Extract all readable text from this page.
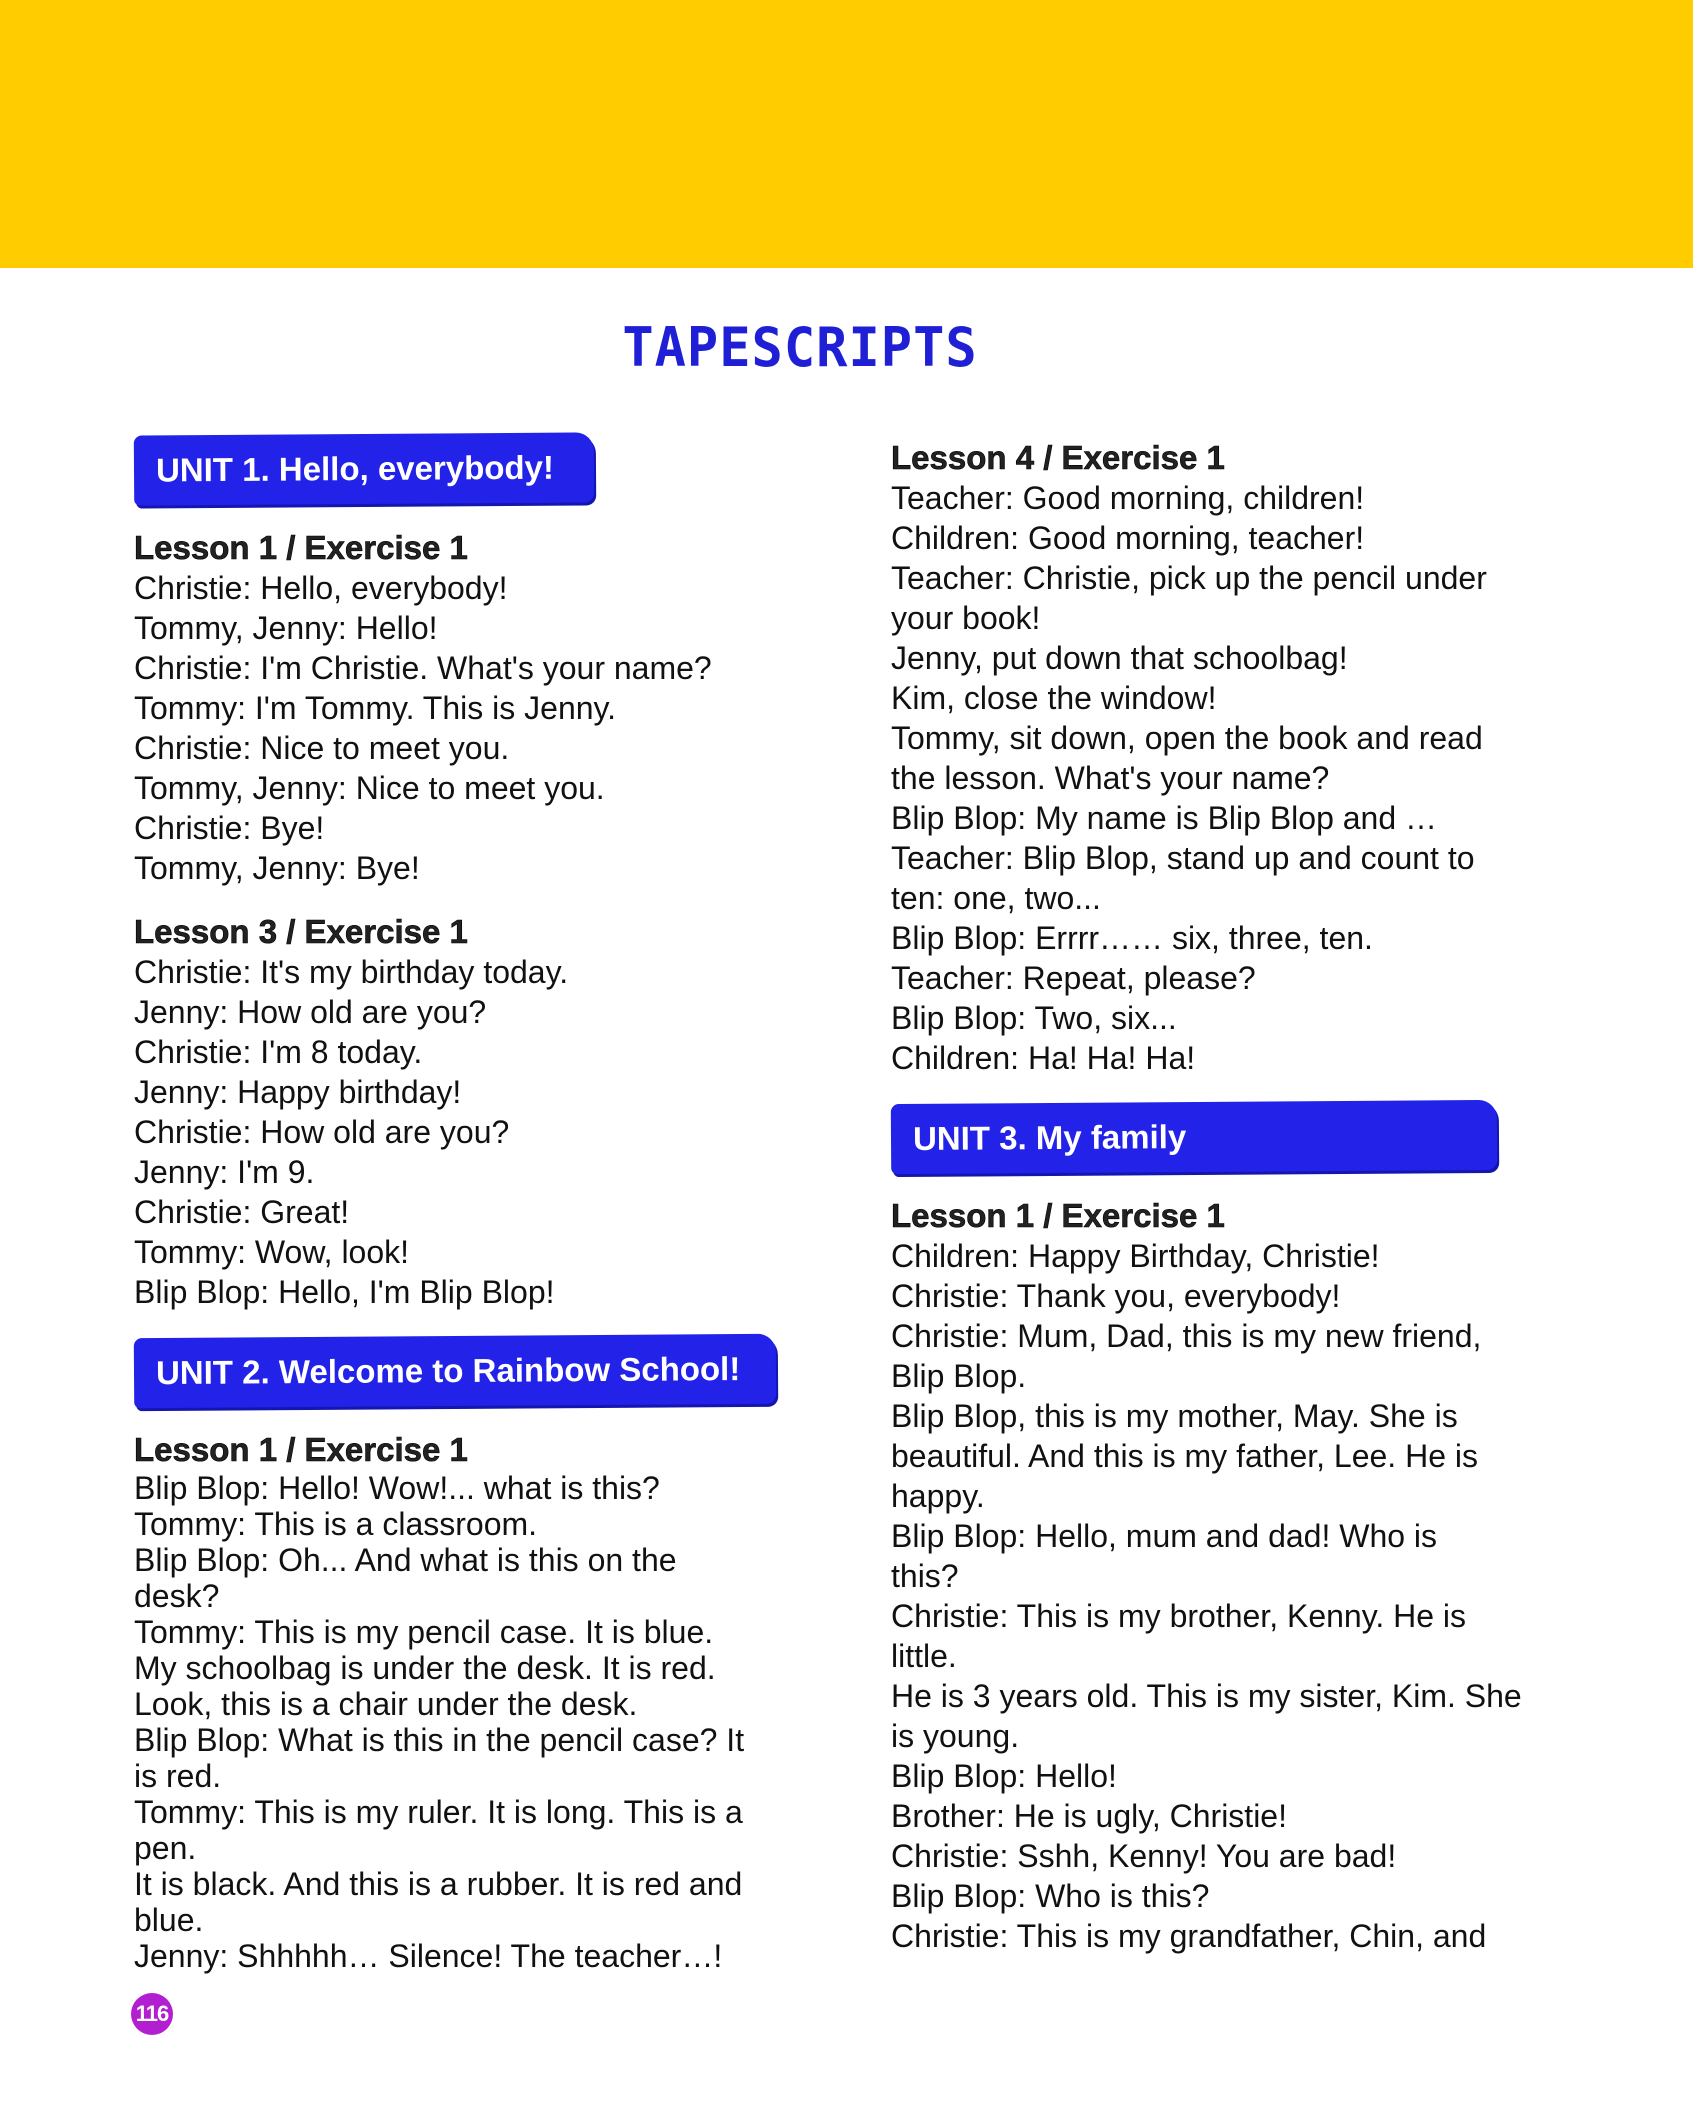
TAPESCRIPTS
UNIT 1. Hello, everybody!
Lesson 1 / Exercise 1
Christie: Hello, everybody!
Tommy, Jenny: Hello!
Christie: I'm Christie. What's your name?
Tommy: I'm Tommy. This is Jenny.
Christie: Nice to meet you.
Tommy, Jenny: Nice to meet you.
Christie: Bye!
Tommy, Jenny: Bye!
Lesson 3 / Exercise 1
Christie: It's my birthday today.
Jenny: How old are you?
Christie: I'm 8 today.
Jenny: Happy birthday!
Christie: How old are you?
Jenny: I'm 9.
Christie: Great!
Tommy: Wow, look!
Blip Blop: Hello, I'm Blip Blop!
UNIT 2. Welcome to Rainbow School!
Lesson 1 / Exercise 1
Blip Blop: Hello! Wow!... what is this?
Tommy: This is a classroom.
Blip Blop: Oh... And what is this on the
desk?
Tommy: This is my pencil case. It is blue.
My schoolbag is under the desk. It is red.
Look, this is a chair under the desk.
Blip Blop: What is this in the pencil case? It
is red.
Tommy: This is my ruler. It is long. This is a
pen.
It is black. And this is a rubber. It is red and
blue.
Jenny: Shhhhh… Silence! The teacher…!
Lesson 4 / Exercise 1
Teacher: Good morning, children!
Children: Good morning, teacher!
Teacher: Christie, pick up the pencil under
your book!
Jenny, put down that schoolbag!
Kim, close the window!
Tommy, sit down, open the book and read
the lesson. What's your name?
Blip Blop: My name is Blip Blop and …
Teacher: Blip Blop, stand up and count to
ten: one, two...
Blip Blop: Errrr…… six, three, ten.
Teacher: Repeat, please?
Blip Blop: Two, six...
Children: Ha! Ha! Ha!
UNIT 3. My family
Lesson 1 / Exercise 1
Children: Happy Birthday, Christie!
Christie: Thank you, everybody!
Christie: Mum, Dad, this is my new friend,
Blip Blop.
Blip Blop, this is my mother, May. She is
beautiful. And this is my father, Lee. He is
happy.
Blip Blop: Hello, mum and dad! Who is
this?
Christie: This is my brother, Kenny. He is
little.
He is 3 years old. This is my sister, Kim. She
is young.
Blip Blop: Hello!
Brother: He is ugly, Christie!
Christie: Sshh, Kenny! You are bad!
Blip Blop: Who is this?
Christie: This is my grandfather, Chin, and
116
